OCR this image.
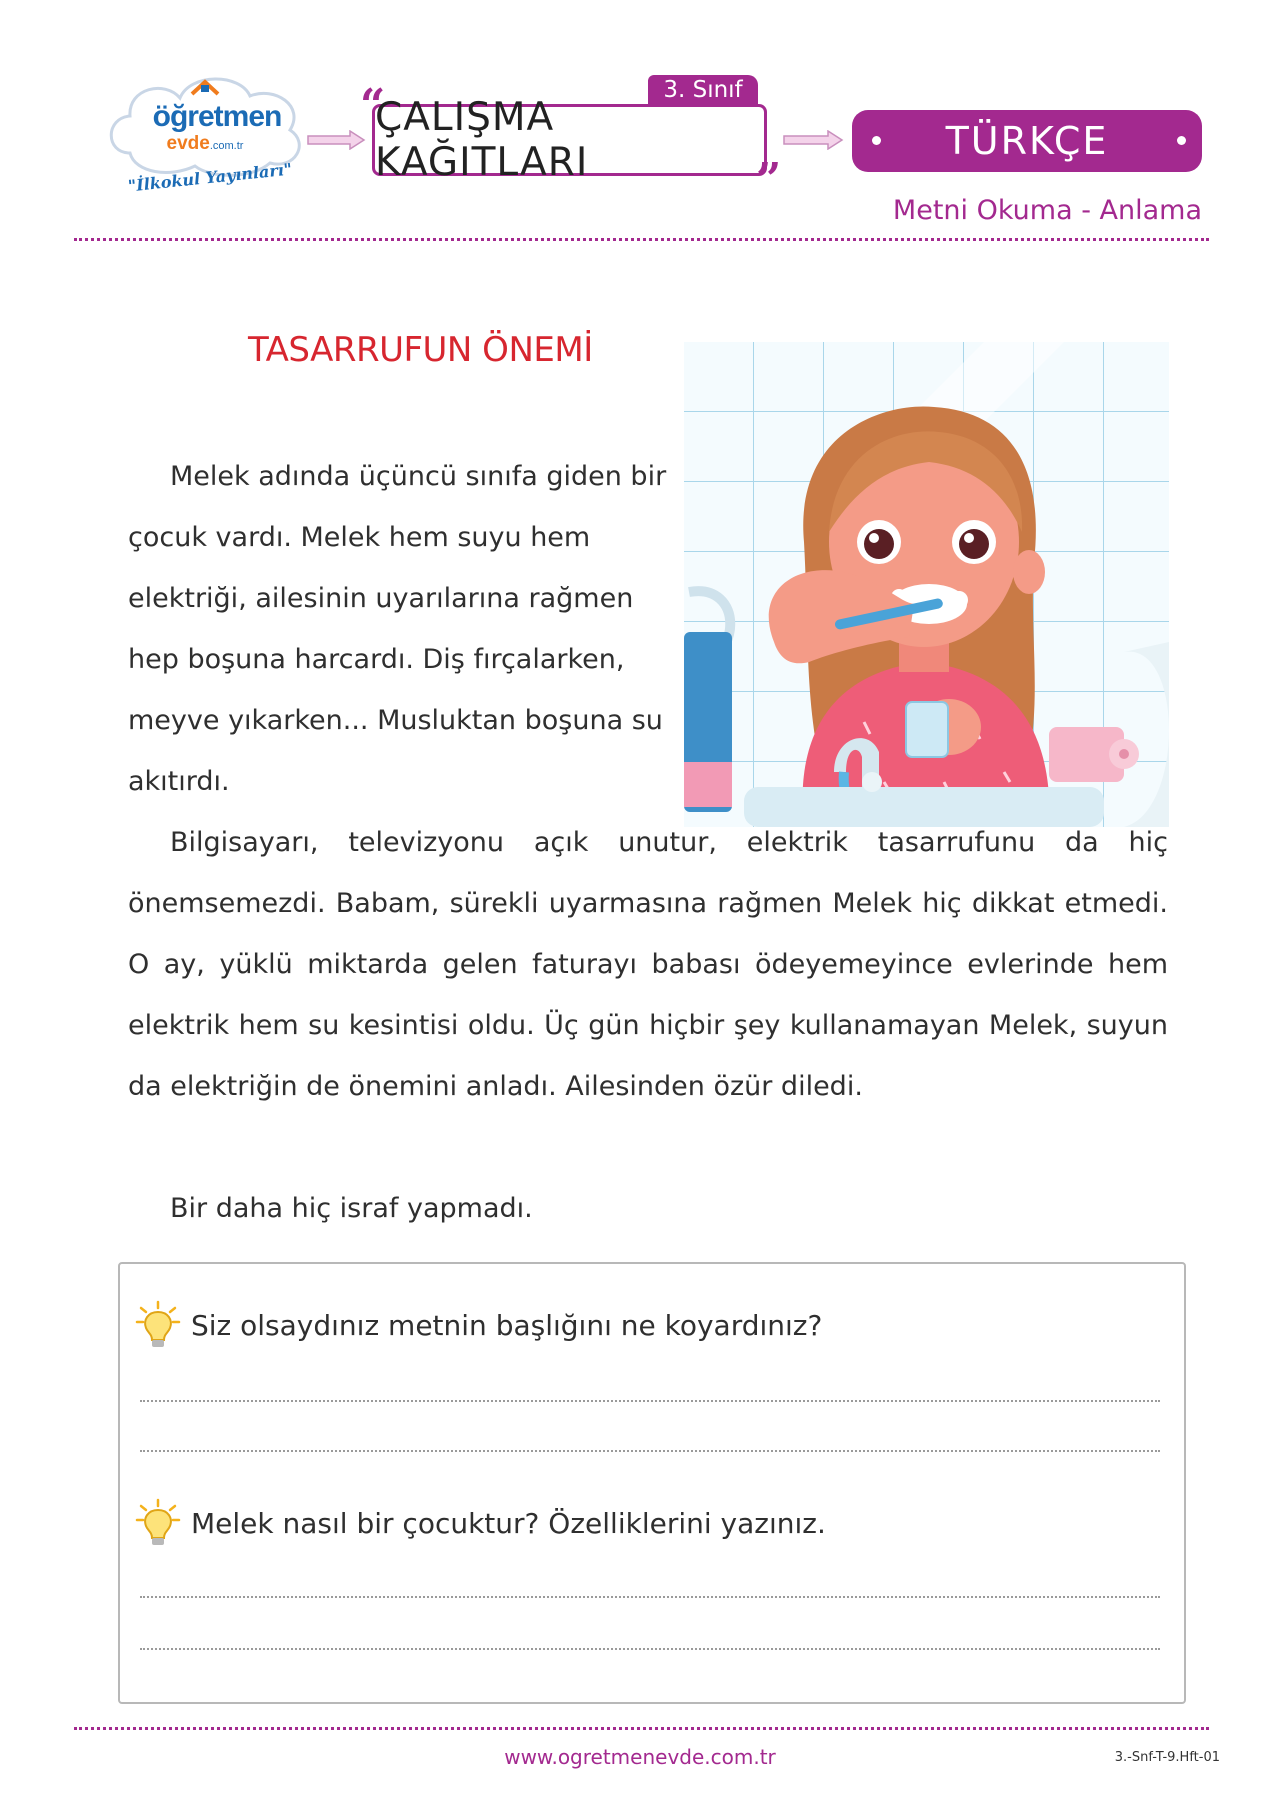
öğretmen
evde.com.tr
"İlkokul Yayınları"
“	3. Sınıf
ÇALIŞMA KAĞITLARI	”
TÜRKÇE
Metni Okuma - Anlama
TASARRUFUN ÖNEMİ
Melek adında üçüncü sınıfa giden bir çocuk vardı. Melek hem suyu hem elektriği, ailesinin uyarılarına rağmen hep boşuna harcardı. Diş fırçalarken, meyve yıkarken... Musluktan boşuna su akıtırdı.
Bilgisayarı, televizyonu açık unutur, elektrik tasarrufunu da hiç önemsemezdi. Babam, sürekli uyarmasına rağmen Melek hiç dikkat etmedi. O ay, yüklü miktarda gelen faturayı babası ödeyemeyince evlerinde hem elektrik hem su kesintisi oldu. Üç gün hiçbir şey kullanamayan Melek, suyun da elektriğin de önemini anladı. Ailesinden özür diledi.
Bir daha hiç israf yapmadı.
Siz olsaydınız metnin başlığını ne koyardınız?
Melek nasıl bir çocuktur? Özelliklerini yazınız.
www.ogretmenevde.com.tr	3.-Snf-T-9.Hft-01
